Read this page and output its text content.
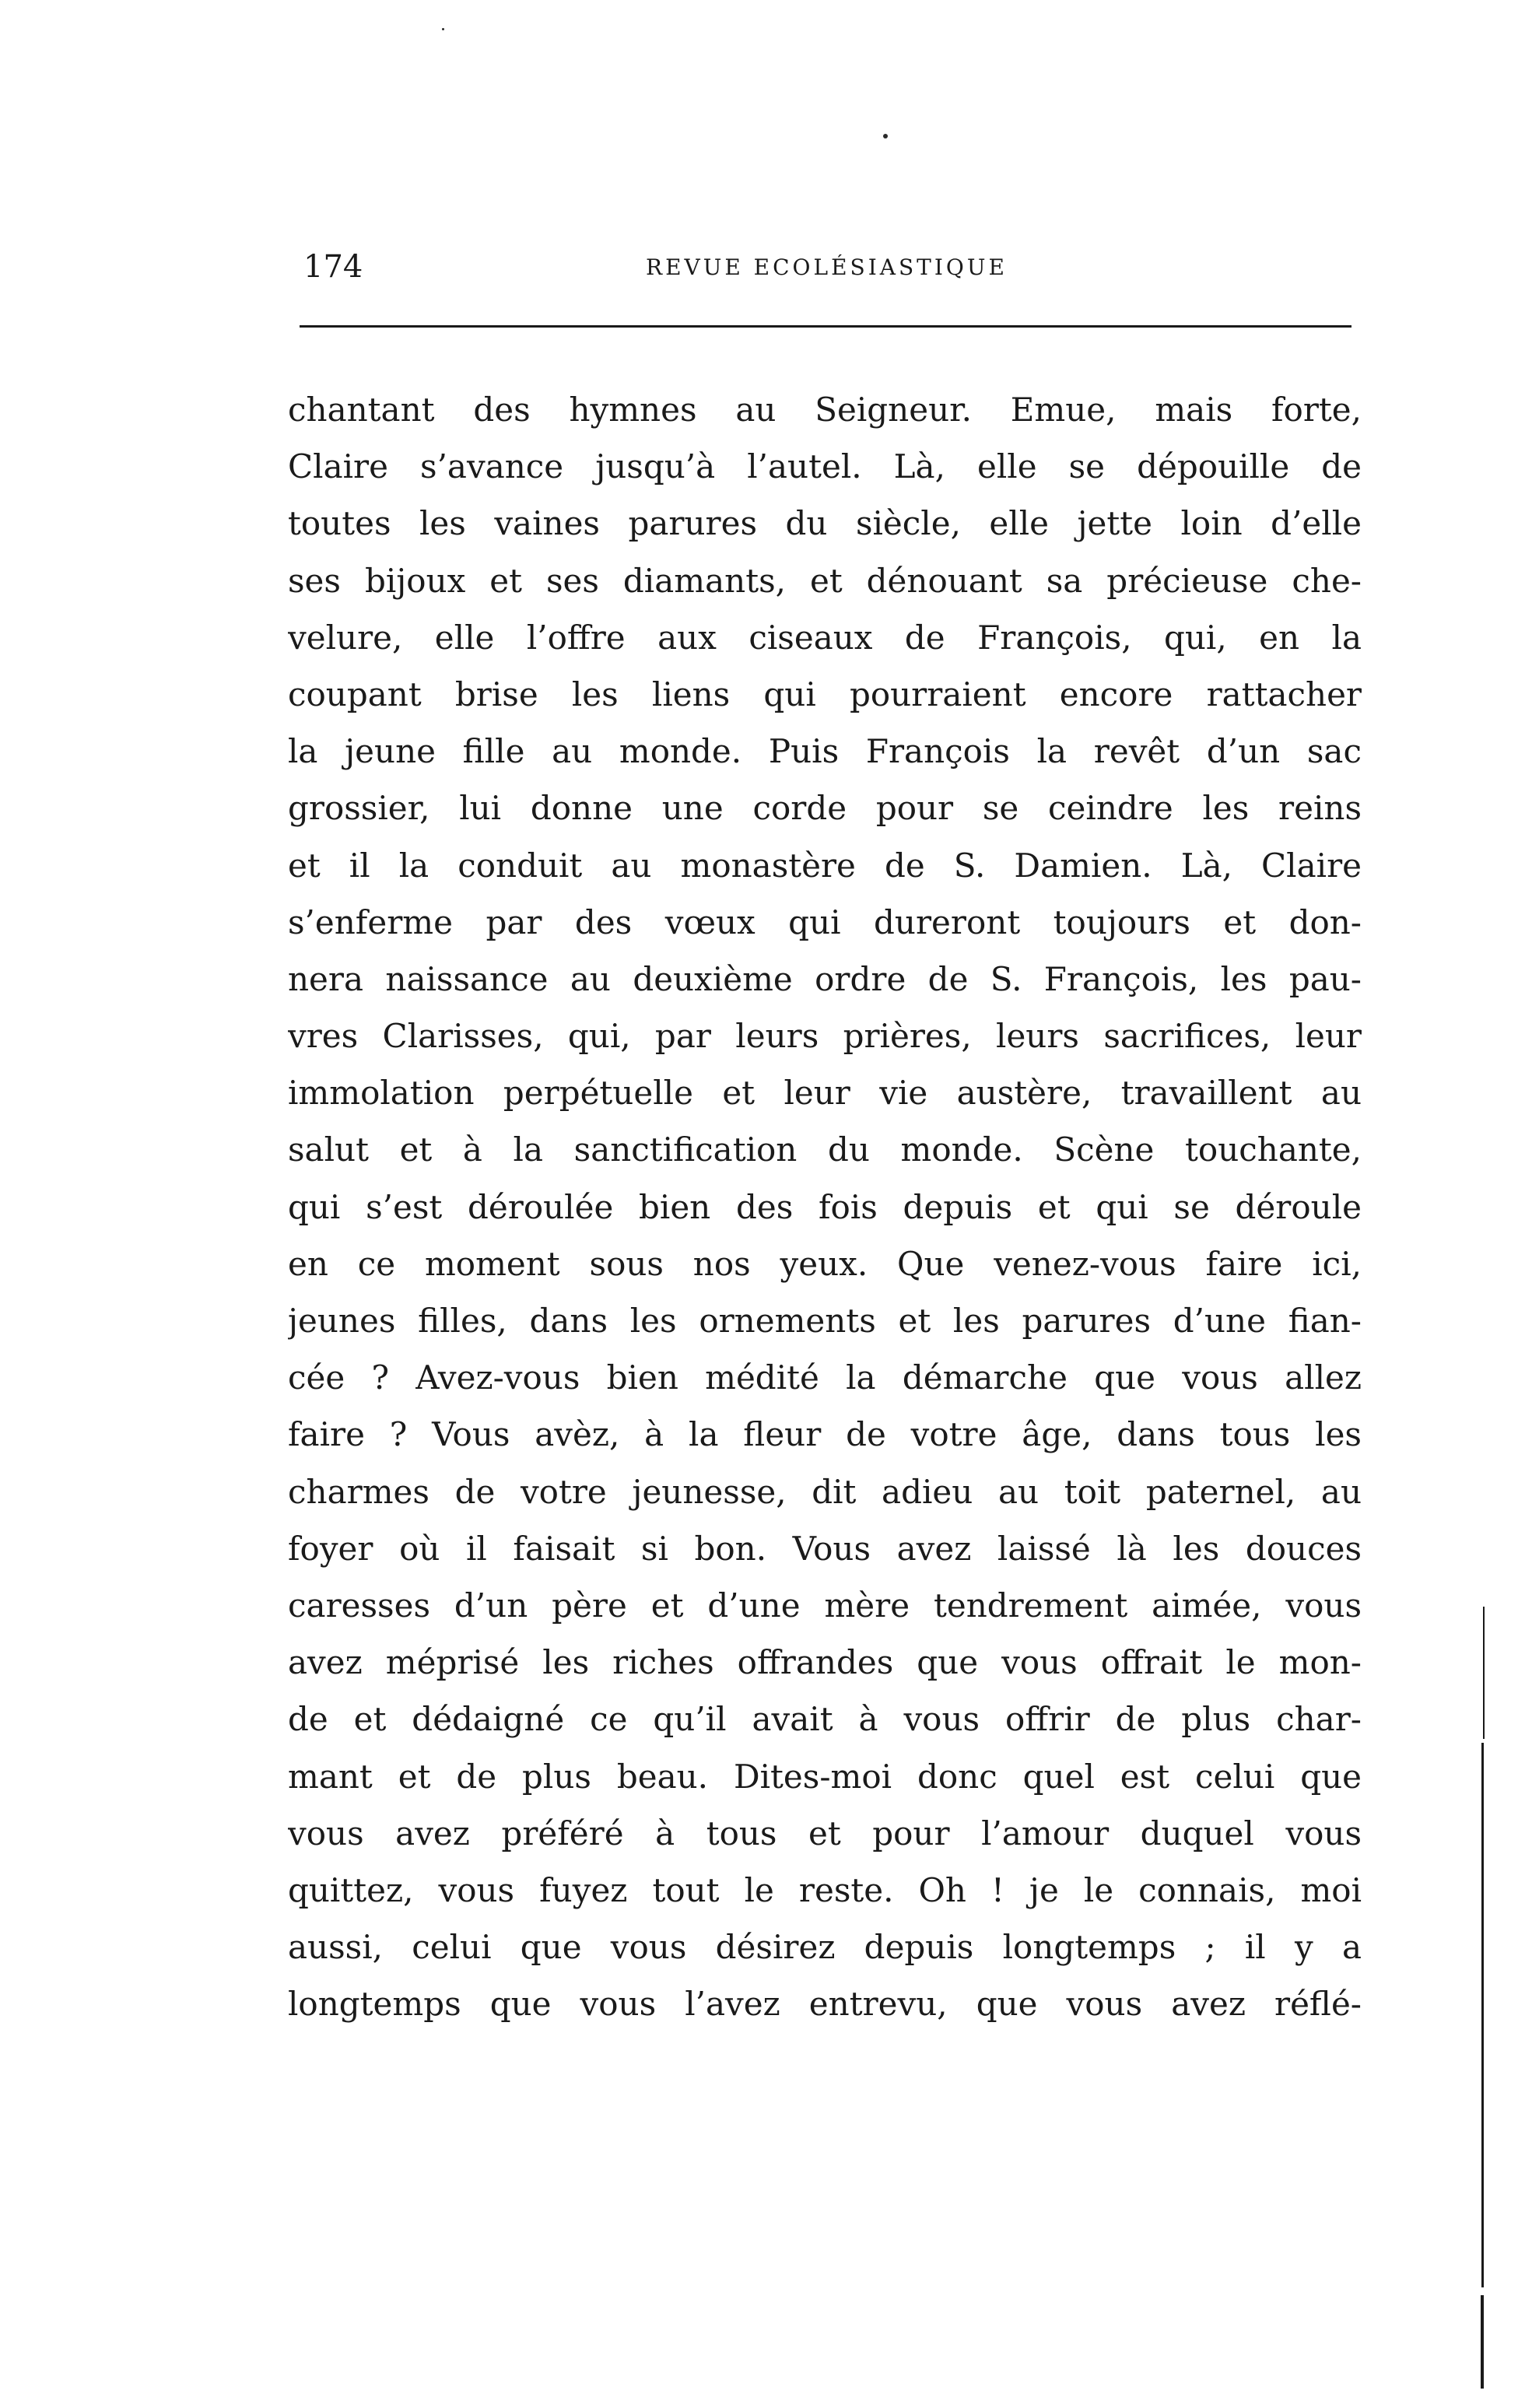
174	REVUE ECOLÉSIASTIQUE
chantant des hymnes au Seigneur. Emue, mais forte,
Claire s’avance jusqu’à l’autel. Là, elle se dépouille de
toutes les vaines parures du siècle, elle jette loin d’elle
ses bijoux et ses diamants, et dénouant sa précieuse che-
velure, elle l’offre aux ciseaux de François, qui, en la
coupant brise les liens qui pourraient encore rattacher
la jeune fille au monde. Puis François la revêt d’un sac
grossier, lui donne une corde pour se ceindre les reins
et il la conduit au monastère de S. Damien. Là, Claire
s’enferme par des vœux qui dureront toujours et don-
nera naissance au deuxième ordre de S. François, les pau-
vres Clarisses, qui, par leurs prières, leurs sacrifices, leur
immolation perpétuelle et leur vie austère, travaillent au
salut et à la sanctification du monde. Scène touchante,
qui s’est déroulée bien des fois depuis et qui se déroule
en ce moment sous nos yeux. Que venez-vous faire ici,
jeunes filles, dans les ornements et les parures d’une fian-
cée ? Avez-vous bien médité la démarche que vous allez
faire ? Vous avèz, à la fleur de votre âge, dans tous les
charmes de votre jeunesse, dit adieu au toit paternel, au
foyer où il faisait si bon. Vous avez laissé là les douces
caresses d’un père et d’une mère tendrement aimée, vous
avez méprisé les riches offrandes que vous offrait le mon-
de et dédaigné ce qu’il avait à vous offrir de plus char-
mant et de plus beau. Dites-moi donc quel est celui que
vous avez préféré à tous et pour l’amour duquel vous
quittez, vous fuyez tout le reste. Oh ! je le connais, moi
aussi, celui que vous désirez depuis longtemps ; il y a
longtemps que vous l’avez entrevu, que vous avez réflé-
